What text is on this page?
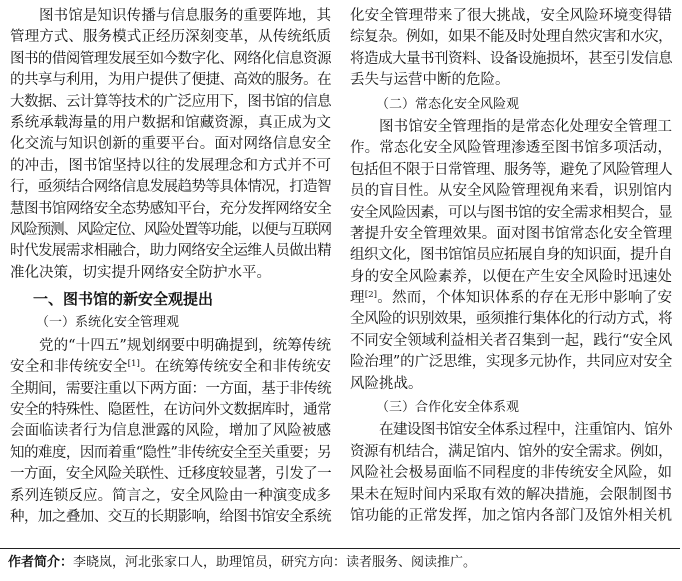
图书馆是知识传播与信息服务的重要阵地，其
管理方式、服务模式正经历深刻变革，从传统纸质
图书的借阅管理发展至如今数字化、网络化信息资源
的共享与利用，为用户提供了便捷、高效的服务。在
大数据、云计算等技术的广泛应用下，图书馆的信息
系统承载海量的用户数据和馆藏资源，真正成为文
化交流与知识创新的重要平台。面对网络信息安全
的冲击，图书馆坚持以往的发展理念和方式并不可
行，亟须结合网络信息发展趋势等具体情况，打造智
慧图书馆网络安全态势感知平台，充分发挥网络安全
风险预测、风险定位、风险处置等功能，以便与互联网
时代发展需求相融合，助力网络安全运维人员做出精
准化决策，切实提升网络安全防护水平。
一、图书馆的新安全观提出
（一）系统化安全管理观
党的“十四五”规划纲要中明确提到，统筹传统
安全和非传统安全[1]。在统筹传统安全和非传统安
全期间，需要注重以下两方面：一方面，基于非传统
安全的特殊性、隐匿性，在访问外文数据库时，通常
会面临读者行为信息泄露的风险，增加了风险被感
知的难度，因而着重“隐性”非传统安全至关重要；另
一方面，安全风险关联性、迁移度较显著，引发了一
系列连锁反应。简言之，安全风险由一种演变成多
种，加之叠加、交互的长期影响，给图书馆安全系统
化安全管理带来了很大挑战，安全风险环境变得错
综复杂。例如，如果不能及时处理自然灾害和水灾，
将造成大量书刊资料、设备设施损坏，甚至引发信息
丢失与运营中断的危险。
（二）常态化安全风险观
图书馆安全管理指的是常态化处理安全管理工
作。常态化安全风险管理渗透至图书馆多项活动，
包括但不限于日常管理、服务等，避免了风险管理人
员的盲目性。从安全风险管理视角来看，识别馆内
安全风险因素，可以与图书馆的安全需求相契合，显
著提升安全管理效果。面对图书馆常态化安全管理
组织文化，图书馆馆员应拓展自身的知识面，提升自
身的安全风险素养，以便在产生安全风险时迅速处
理[2]。然而，个体知识体系的存在无形中影响了安
全风险的识别效果，亟须推行集体化的行动方式，将
不同安全领域利益相关者召集到一起，践行“安全风
险治理”的广泛思维，实现多元协作，共同应对安全
风险挑战。
（三）合作化安全体系观
在建设图书馆安全体系过程中，注重馆内、馆外
资源有机结合，满足馆内、馆外的安全需求。例如，
风险社会极易面临不同程度的非传统安全风险，如
果未在短时间内采取有效的解决措施，会限制图书
馆功能的正常发挥，加之馆内各部门及馆外相关机
作者简介：李晓岚，河北张家口人，助理馆员，研究方向：读者服务、阅读推广。
